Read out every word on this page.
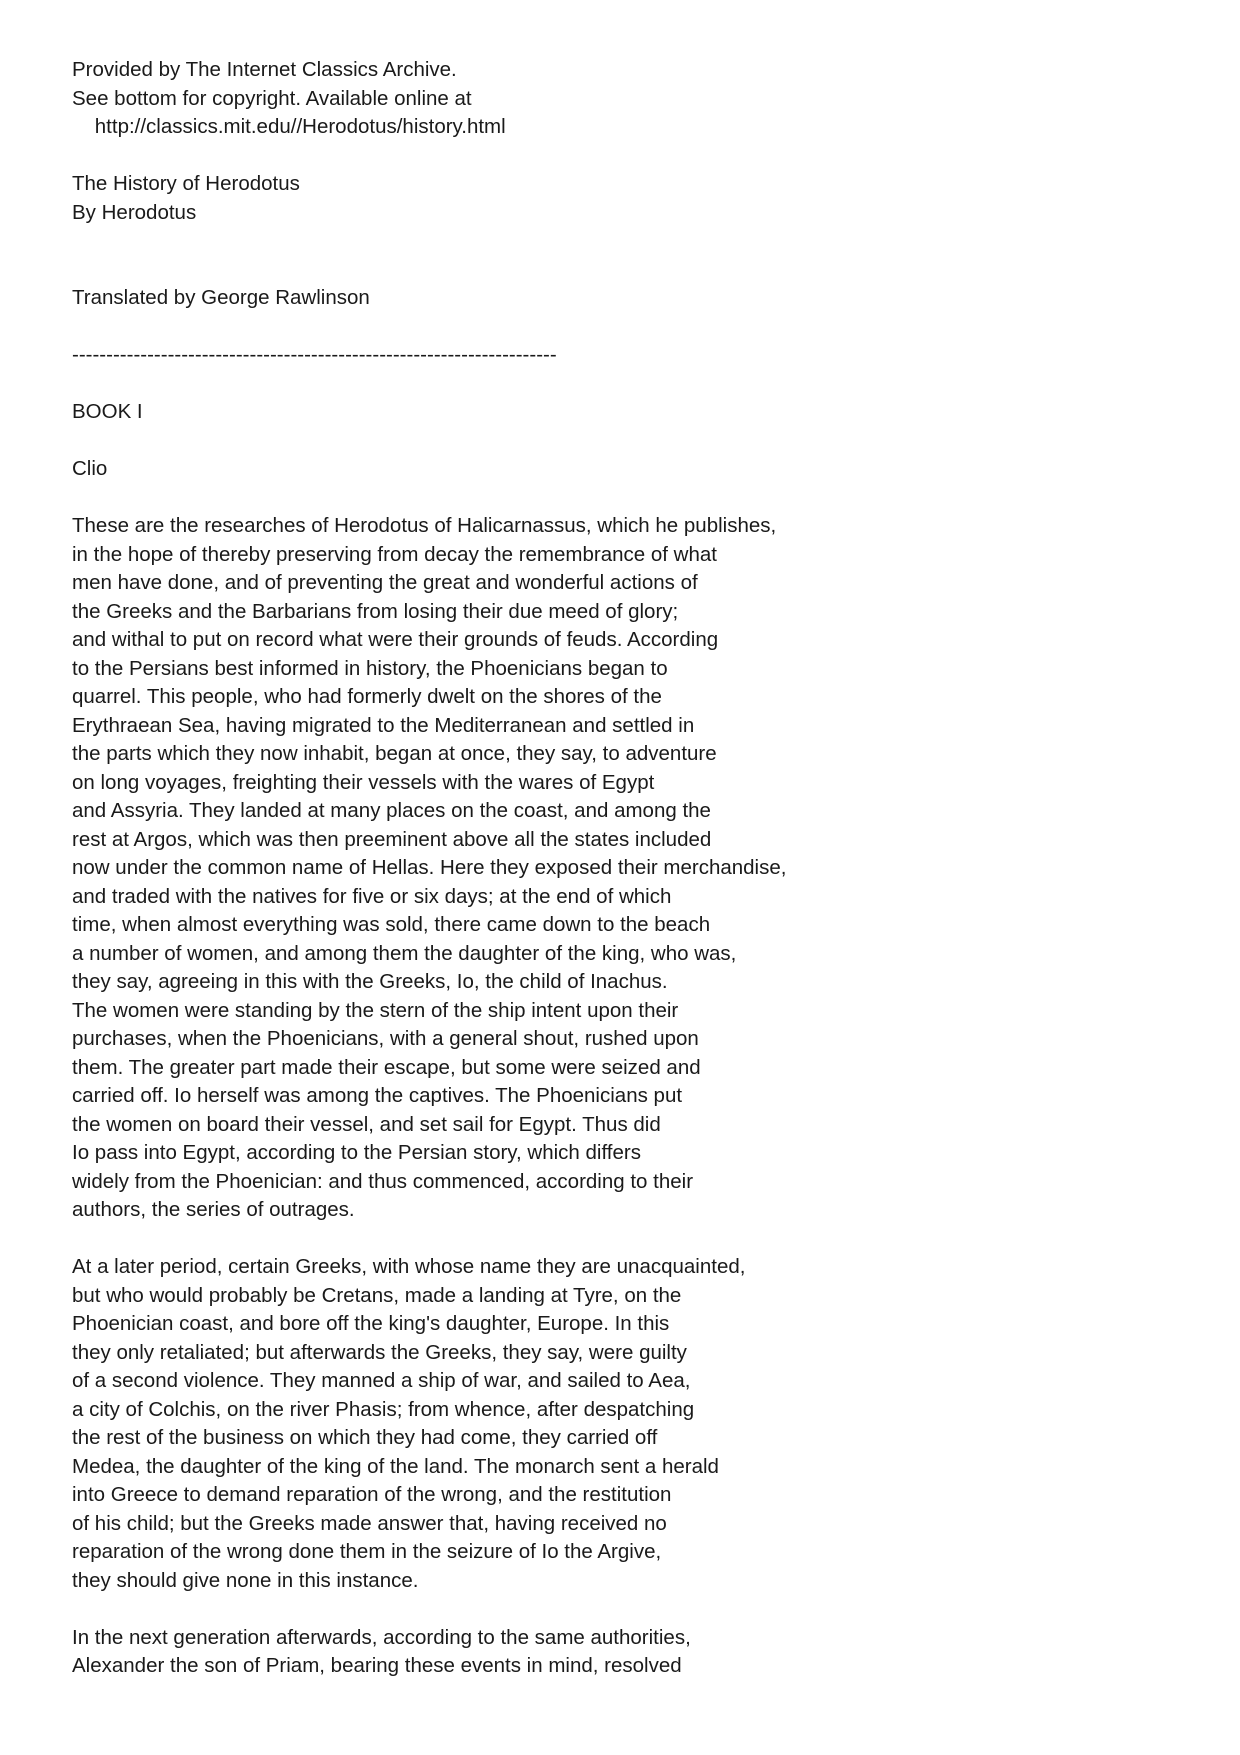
Provided by The Internet Classics Archive.
See bottom for copyright. Available online at
http://classics.mit.edu//Herodotus/history.html
The History of Herodotus
By Herodotus
Translated by George Rawlinson
-----------------------------------------------------------------------
BOOK I
Clio
These are the researches of Herodotus of Halicarnassus, which he publishes,
in the hope of thereby preserving from decay the remembrance of what
men have done, and of preventing the great and wonderful actions of
the Greeks and the Barbarians from losing their due meed of glory;
and withal to put on record what were their grounds of feuds. According
to the Persians best informed in history, the Phoenicians began to
quarrel. This people, who had formerly dwelt on the shores of the
Erythraean Sea, having migrated to the Mediterranean and settled in
the parts which they now inhabit, began at once, they say, to adventure
on long voyages, freighting their vessels with the wares of Egypt
and Assyria. They landed at many places on the coast, and among the
rest at Argos, which was then preeminent above all the states included
now under the common name of Hellas. Here they exposed their merchandise,
and traded with the natives for five or six days; at the end of which
time, when almost everything was sold, there came down to the beach
a number of women, and among them the daughter of the king, who was,
they say, agreeing in this with the Greeks, Io, the child of Inachus.
The women were standing by the stern of the ship intent upon their
purchases, when the Phoenicians, with a general shout, rushed upon
them. The greater part made their escape, but some were seized and
carried off. Io herself was among the captives. The Phoenicians put
the women on board their vessel, and set sail for Egypt. Thus did
Io pass into Egypt, according to the Persian story, which differs
widely from the Phoenician: and thus commenced, according to their
authors, the series of outrages.
At a later period, certain Greeks, with whose name they are unacquainted,
but who would probably be Cretans, made a landing at Tyre, on the
Phoenician coast, and bore off the king's daughter, Europe. In this
they only retaliated; but afterwards the Greeks, they say, were guilty
of a second violence. They manned a ship of war, and sailed to Aea,
a city of Colchis, on the river Phasis; from whence, after despatching
the rest of the business on which they had come, they carried off
Medea, the daughter of the king of the land. The monarch sent a herald
into Greece to demand reparation of the wrong, and the restitution
of his child; but the Greeks made answer that, having received no
reparation of the wrong done them in the seizure of Io the Argive,
they should give none in this instance.
In the next generation afterwards, according to the same authorities,
Alexander the son of Priam, bearing these events in mind, resolved
